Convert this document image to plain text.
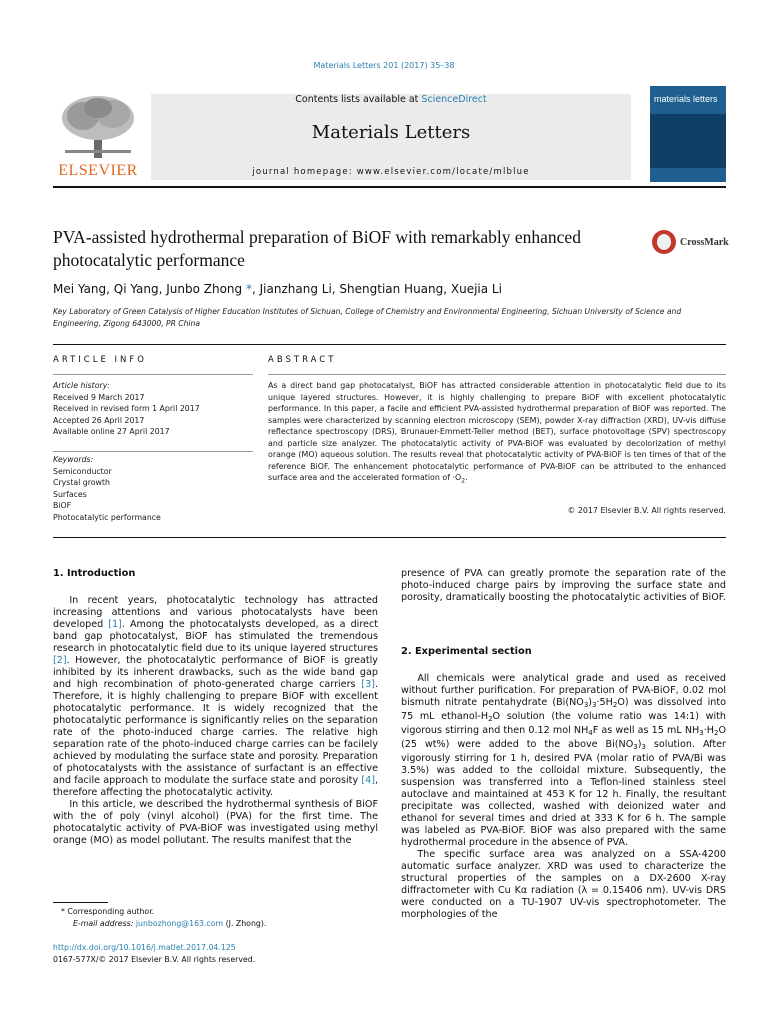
Materials Letters 201 (2017) 35–38
ELSEVIER
Contents lists available at ScienceDirect
Materials Letters
journal homepage: www.elsevier.com/locate/mlblue
materials letters
PVA-assisted hydrothermal preparation of BiOF with remarkably enhanced photocatalytic performance
CrossMark
Mei Yang, Qi Yang, Junbo Zhong *, Jianzhang Li, Shengtian Huang, Xuejia Li
Key Laboratory of Green Catalysis of Higher Education Institutes of Sichuan, College of Chemistry and Environmental Engineering, Sichuan University of Science and Engineering, Zigong 643000, PR China
ARTICLE INFO	ABSTRACT
Article history:
Received 9 March 2017
Received in revised form 1 April 2017
Accepted 26 April 2017
Available online 27 April 2017
Keywords:
Semiconductor
Crystal growth
Surfaces
BiOF
Photocatalytic performance
As a direct band gap photocatalyst, BiOF has attracted considerable attention in photocatalytic field due to its unique layered structures. However, it is highly challenging to prepare BiOF with excellent photocatalytic performance. In this paper, a facile and efficient PVA-assisted hydrothermal preparation of BiOF was reported. The samples were characterized by scanning electron microscopy (SEM), powder X-ray diffraction (XRD), UV-vis diffuse reflectance spectroscopy (DRS), Brunauer-Emmett-Teller method (BET), surface photovoltage (SPV) spectroscopy and particle size analyzer. The photocatalytic activity of PVA-BiOF was evaluated by decolorization of methyl orange (MO) aqueous solution. The results reveal that photocatalytic activity of PVA-BiOF is ten times of that of the reference BiOF. The enhancement photocatalytic performance of PVA-BiOF can be attributed to the enhanced surface area and the accelerated formation of $\cdot O_2$.
© 2017 Elsevier B.V. All rights reserved.
1. Introduction

In recent years, photocatalytic technology has attracted increasing attentions and various photocatalysts have been developed [1]. Among the photocatalysts developed, as a direct band gap photocatalyst, BiOF has stimulated the tremendous research in photocatalytic field due to its unique layered structures [2]. However, the photocatalytic performance of BiOF is greatly inhibited by its inherent drawbacks, such as the wide band gap and high recombination of photo-generated charge carriers [3]. Therefore, it is highly challenging to prepare BiOF with excellent photocatalytic performance. It is widely recognized that the photocatalytic performance is significantly relies on the separation rate of the photo-induced charge carries. The relative high separation rate of the photo-induced charge carries can be facilely achieved by modulating the surface state and porosity. Preparation of photocatalysts with the assistance of surfactant is an effective and facile approach to modulate the surface state and porosity [4], therefore affecting the photocatalytic activity.

In this article, we described the hydrothermal synthesis of BiOF with the of poly (vinyl alcohol) (PVA) for the first time. The photocatalytic activity of PVA-BiOF was investigated using methyl orange (MO) as model pollutant. The results manifest that the

* Corresponding author.
E-mail address: junbozhong@163.com (J. Zhong).
http://dx.doi.org/10.1016/j.matlet.2017.04.125
0167-577X/© 2017 Elsevier B.V. All rights reserved.

presence of PVA can greatly promote the separation rate of the photo-induced charge pairs by improving the surface state and porosity, dramatically boosting the photocatalytic activities of BiOF.

2. Experimental section

All chemicals were analytical grade and used as received without further purification. For preparation of PVA-BiOF, 0.02 mol bismuth nitrate pentahydrate $(Bi(NO_3)_3\cdot 5H_2O)$ was dissolved into 75 mL ethanol-$H_2O$ solution (the volume ratio was 14:1) with vigorous stirring and then 0.12 mol $NH_4F$ as well as 15 mL $NH_3\cdot H_2O$ (25 wt%) were added to the above $Bi(NO_3)_3$ solution. After vigorously stirring for 1 h, desired PVA (molar ratio of PVA/Bi was 3.5%) was added to the colloidal mixture. Subsequently, the suspension was transferred into a Teflon-lined stainless steel autoclave and maintained at 453 K for 12 h. Finally, the resultant precipitate was collected, washed with deionized water and ethanol for several times and dried at 333 K for 6 h. The sample was labeled as PVA-BiOF. BiOF was also prepared with the same hydrothermal procedure in the absence of PVA.

The specific surface area was analyzed on a SSA-4200 automatic surface analyzer. XRD was used to characterize the structural properties of the samples on a DX-2600 X-ray diffractometer with Cu Kα radiation (λ = 0.15406 nm). UV-vis DRS were conducted on a TU-1907 UV-vis spectrophotometer. The morphologies of the
